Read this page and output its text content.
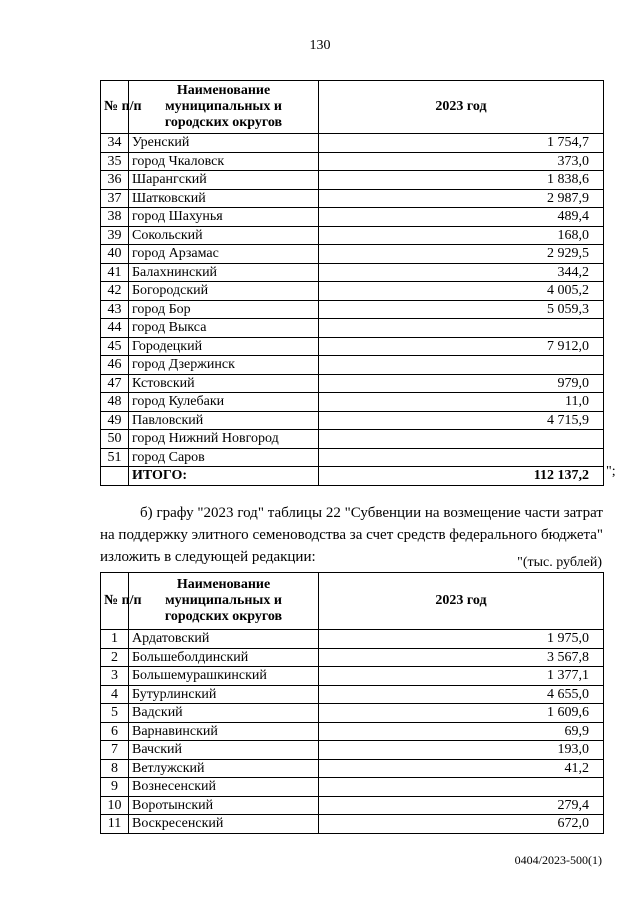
130
№ п/п	Наименование муниципальных и городских округов	2023 год
34	Уренский	1 754,7
35	город Чкаловск	373,0
36	Шарангский	1 838,6
37	Шатковский	2 987,9
38	город Шахунья	489,4
39	Сокольский	168,0
40	город Арзамас	2 929,5
41	Балахнинский	344,2
42	Богородский	4 005,2
43	город Бор	5 059,3
44	город Выкса	
45	Городецкий	7 912,0
46	город Дзержинск	
47	Кстовский	979,0
48	город Кулебаки	11,0
49	Павловский	4 715,9
50	город Нижний Новгород	
51	город Саров	
	ИТОГО:	112 137,2 ";
б) графу "2023 год" таблицы 22 "Субвенции на возмещение части затрат на поддержку элитного семеноводства за счет средств федерального бюджета" изложить в следующей редакции:	"(тыс. рублей)
№ п/п	Наименование муниципальных и городских округов	2023 год
1	Ардатовский	1 975,0
2	Большеболдинский	3 567,8
3	Большемурашкинский	1 377,1
4	Бутурлинский	4 655,0
5	Вадский	1 609,6
6	Варнавинский	69,9
7	Вачский	193,0
8	Ветлужский	41,2
9	Вознесенский	
10	Воротынский	279,4
11	Воскресенский	672,0
0404/2023-500(1)
